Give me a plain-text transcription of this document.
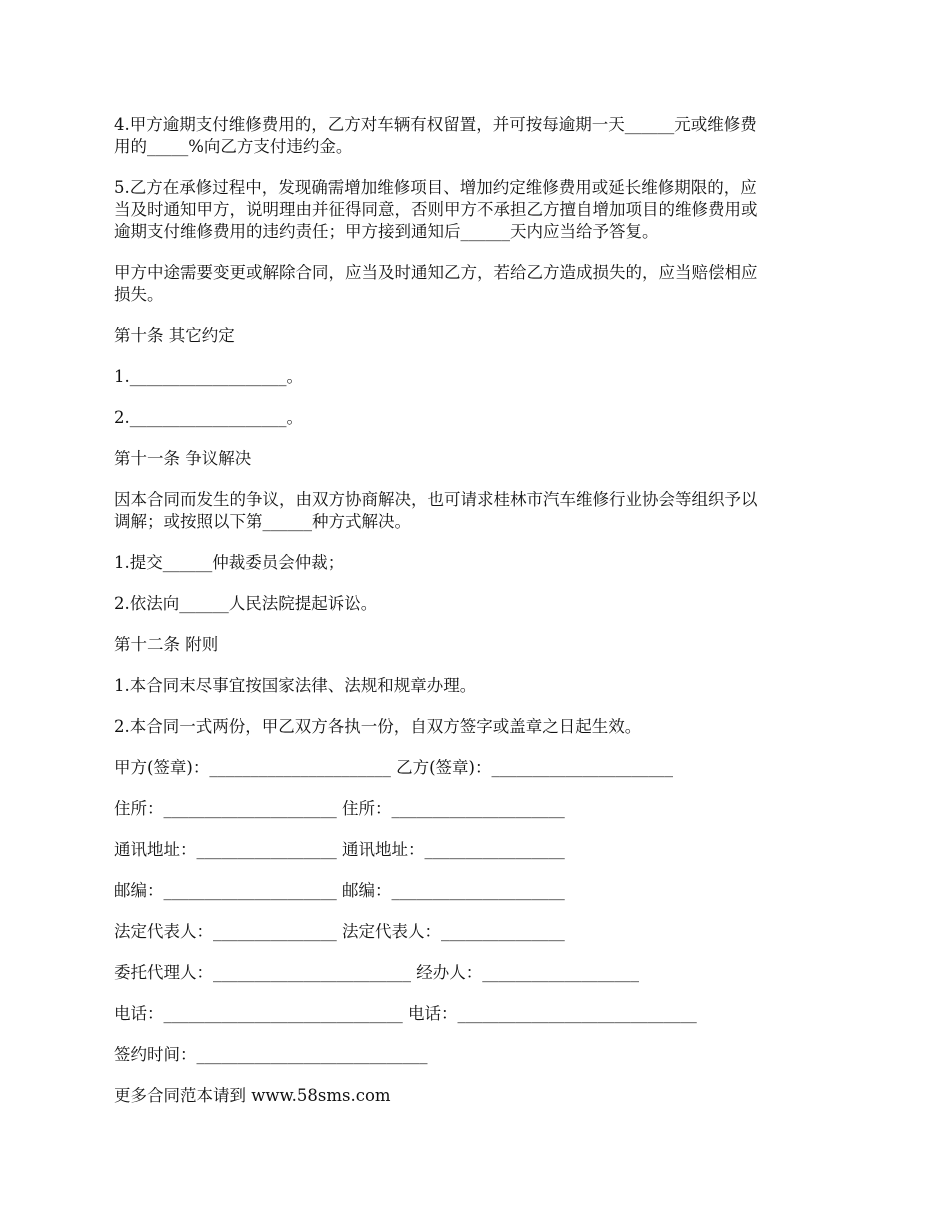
4.甲方逾期支付维修费用的，乙方对车辆有权留置，并可按每逾期一天______元或维修费
用的_____%向乙方支付违约金。
5.乙方在承修过程中，发现确需增加维修项目、增加约定维修费用或延长维修期限的，应
当及时通知甲方，说明理由并征得同意，否则甲方不承担乙方擅自增加项目的维修费用或
逾期支付维修费用的违约责任；甲方接到通知后______天内应当给予答复。
甲方中途需要变更或解除合同，应当及时通知乙方，若给乙方造成损失的，应当赔偿相应
损失。
第十条 其它约定
1.___________________。
2.___________________。
第十一条 争议解决
因本合同而发生的争议，由双方协商解决，也可请求桂林市汽车维修行业协会等组织予以
调解；或按照以下第______种方式解决。
1.提交______仲裁委员会仲裁；
2.依法向______人民法院提起诉讼。
第十二条 附则
1.本合同末尽事宜按国家法律、法规和规章办理。
2.本合同一式两份，甲乙双方各执一份，自双方签字或盖章之日起生效。
甲方(签章)：______________________ 乙方(签章)：______________________
住所：_____________________ 住所：_____________________
通讯地址：_________________ 通讯地址：_________________
邮编：_____________________ 邮编：_____________________
法定代表人：_______________ 法定代表人：_______________
委托代理人：________________________ 经办人：___________________
电话：_____________________________ 电话：_____________________________
签约时间：____________________________
更多合同范本请到 www.58sms.com
